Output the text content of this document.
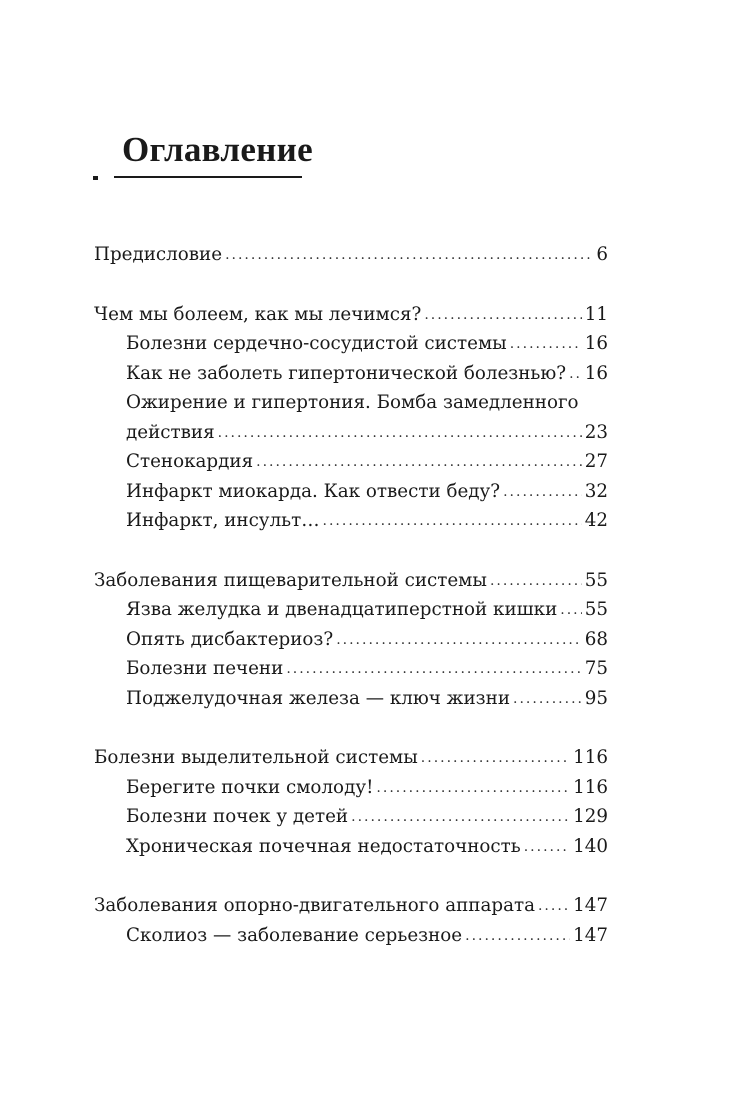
Оглавление
Предисловие .....	6
Чем мы болеем, как мы лечимся? .....	11
Болезни сердечно-сосудистой системы .....	16
Как не заболеть гипертонической болезнью? ..... 16
Ожирение и гипертония. Бомба замедленного
действия .....	23
Стенокардия .....	27
Инфаркт миокарда. Как отвести беду? .....	32
Инфаркт, инсульт… .....	42
Заболевания пищеварительной системы .....	55
Язва желудка и двенадцатиперстной кишки ..... 55
Опять дисбактериоз? .....	68
Болезни печени .....	75
Поджелудочная железа — ключ жизни .....	95
Болезни выделительной системы .....	116
Берегите почки смолоду! .....	116
Болезни почек у детей .....	129
Хроническая почечная недостаточность .....	140
Заболевания опорно-двигательного аппарата ..... 147
Сколиоз — заболевание серьезное .....	147
